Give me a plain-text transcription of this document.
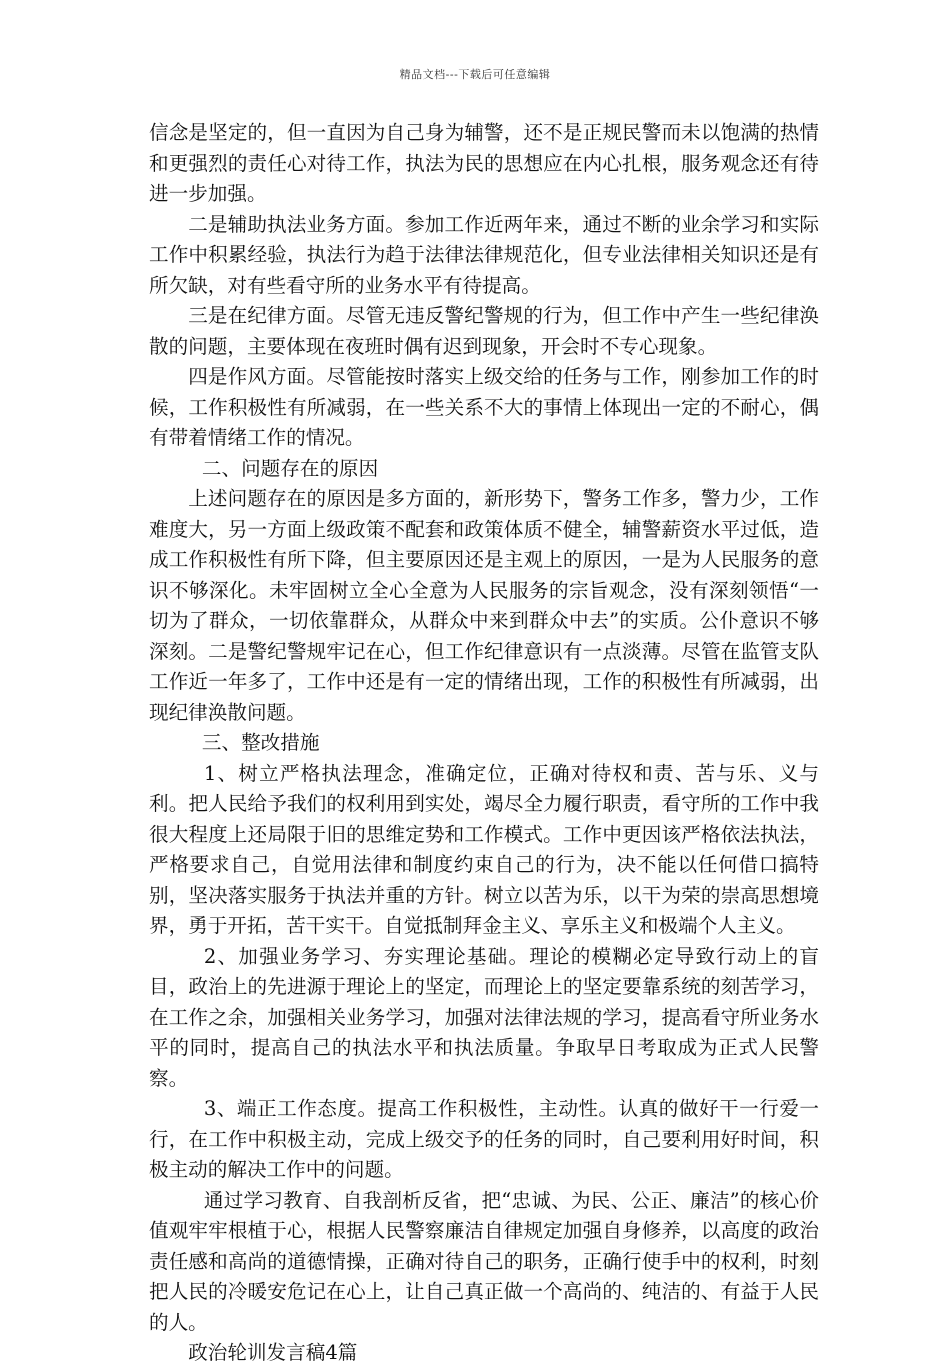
精品文档---下载后可任意编辑

信念是坚定的，但一直因为自己身为辅警，还不是正规民警而未以饱满的热情和更强烈的责任心对待工作，执法为民的思想应在内心扎根，服务观念还有待进一步加强。

二是辅助执法业务方面。参加工作近两年来，通过不断的业余学习和实际工作中积累经验，执法行为趋于法律法律规范化，但专业法律相关知识还是有所欠缺，对有些看守所的业务水平有待提高。

三是在纪律方面。尽管无违反警纪警规的行为，但工作中产生一些纪律涣散的问题，主要体现在夜班时偶有迟到现象，开会时不专心现象。

四是作风方面。尽管能按时落实上级交给的任务与工作，刚参加工作的时候，工作积极性有所减弱，在一些关系不大的事情上体现出一定的不耐心，偶有带着情绪工作的情况。

二、问题存在的原因

上述问题存在的原因是多方面的，新形势下，警务工作多，警力少，工作难度大，另一方面上级政策不配套和政策体质不健全，辅警薪资水平过低，造成工作积极性有所下降，但主要原因还是主观上的原因，一是为人民服务的意识不够深化。未牢固树立全心全意为人民服务的宗旨观念，没有深刻领悟“一切为了群众，一切依靠群众，从群众中来到群众中去”的实质。公仆意识不够深刻。二是警纪警规牢记在心，但工作纪律意识有一点淡薄。尽管在监管支队工作近一年多了，工作中还是有一定的情绪出现，工作的积极性有所减弱，出现纪律涣散问题。

三、整改措施

1、树立严格执法理念，准确定位，正确对待权和责、苦与乐、义与利。把人民给予我们的权利用到实处，竭尽全力履行职责，看守所的工作中我很大程度上还局限于旧的思维定势和工作模式。工作中更因该严格依法执法，严格要求自己，自觉用法律和制度约束自己的行为，决不能以任何借口搞特别，坚决落实服务于执法并重的方针。树立以苦为乐，以干为荣的崇高思想境界，勇于开拓，苦干实干。自觉抵制拜金主义、享乐主义和极端个人主义。

2、加强业务学习、夯实理论基础。理论的模糊必定导致行动上的盲目，政治上的先进源于理论上的坚定，而理论上的坚定要靠系统的刻苦学习，在工作之余，加强相关业务学习，加强对法律法规的学习，提高看守所业务水平的同时，提高自己的执法水平和执法质量。争取早日考取成为正式人民警察。

3、端正工作态度。提高工作积极性，主动性。认真的做好干一行爱一行，在工作中积极主动，完成上级交予的任务的同时，自己要利用好时间，积极主动的解决工作中的问题。

通过学习教育、自我剖析反省，把“忠诚、为民、公正、廉洁”的核心价值观牢牢根植于心，根据人民警察廉洁自律规定加强自身修养，以高度的政治责任感和高尚的道德情操，正确对待自己的职务，正确行使手中的权利，时刻把人民的冷暖安危记在心上，让自己真正做一个高尚的、纯洁的、有益于人民的人。

政治轮训发言稿4篇
